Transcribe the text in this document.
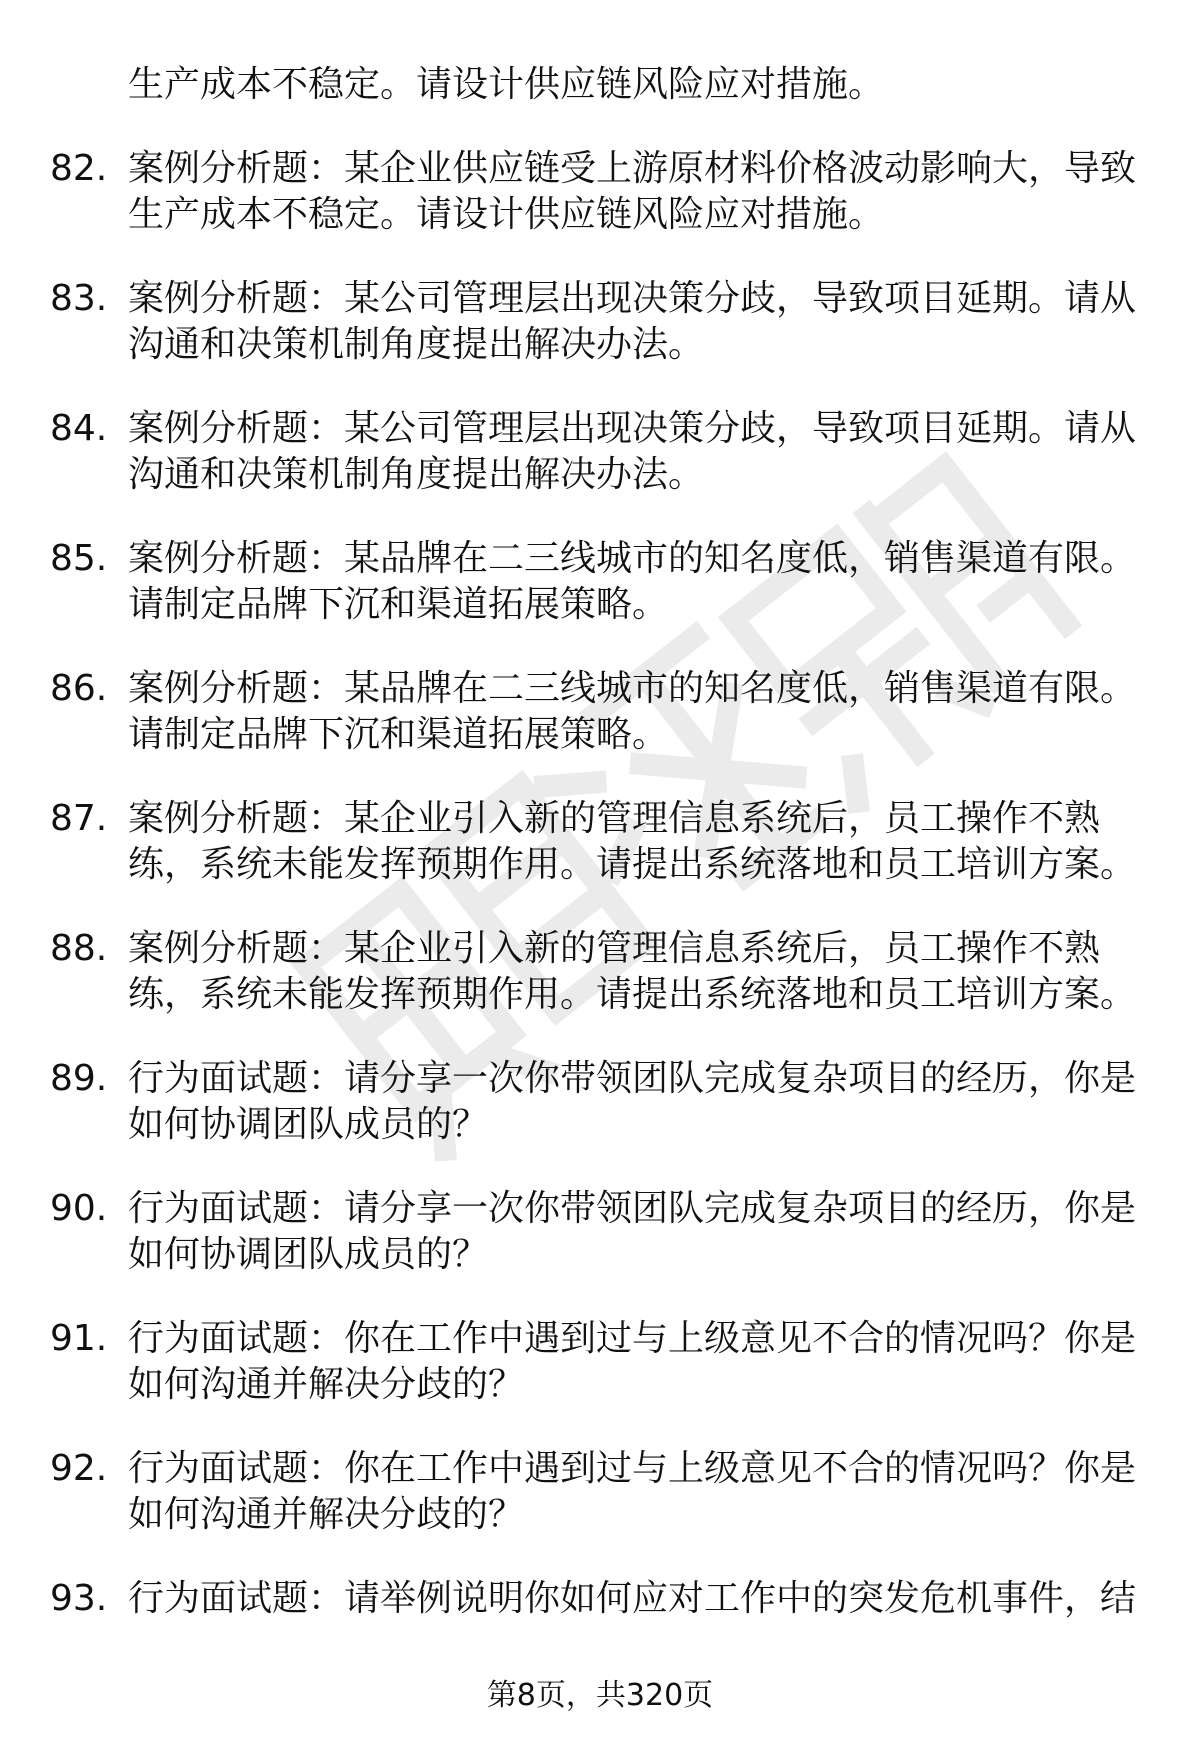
生产成本不稳定。请设计供应链风险应对措施。
82. 案例分析题：某企业供应链受上游原材料价格波动影响大，导致
生产成本不稳定。请设计供应链风险应对措施。
83. 案例分析题：某公司管理层出现决策分歧，导致项目延期。请从
沟通和决策机制角度提出解决办法。
84. 案例分析题：某公司管理层出现决策分歧，导致项目延期。请从
沟通和决策机制角度提出解决办法。
85. 案例分析题：某品牌在二三线城市的知名度低，销售渠道有限。
请制定品牌下沉和渠道拓展策略。
86. 案例分析题：某品牌在二三线城市的知名度低，销售渠道有限。
请制定品牌下沉和渠道拓展策略。
87. 案例分析题：某企业引入新的管理信息系统后，员工操作不熟
练，系统未能发挥预期作用。请提出系统落地和员工培训方案。
88. 案例分析题：某企业引入新的管理信息系统后，员工操作不熟
练，系统未能发挥预期作用。请提出系统落地和员工培训方案。
89. 行为面试题：请分享一次你带领团队完成复杂项目的经历，你是
如何协调团队成员的？
90. 行为面试题：请分享一次你带领团队完成复杂项目的经历，你是
如何协调团队成员的？
91. 行为面试题：你在工作中遇到过与上级意见不合的情况吗？你是
如何沟通并解决分歧的？
92. 行为面试题：你在工作中遇到过与上级意见不合的情况吗？你是
如何沟通并解决分歧的？
93. 行为面试题：请举例说明你如何应对工作中的突发危机事件，结
第8页，共320页
